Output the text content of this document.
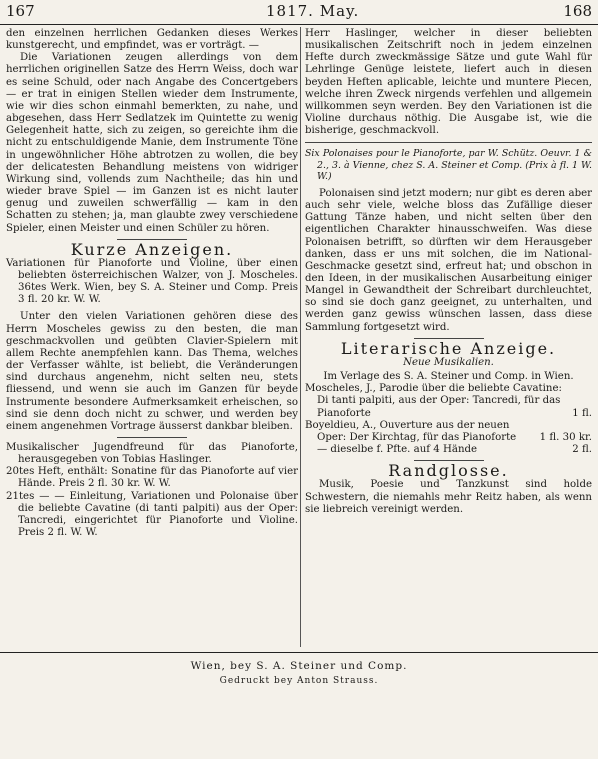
167	1817. May.	168

den einzelnen herrlichen Gedanken dieses Werkes kunstgerecht, und empfindet, was er vorträgt. —

Die Variationen zeugen allerdings von dem herrlichen originellen Satze des Herrn Weiss, doch war es seine Schuld, oder nach Angabe des Concertgebers — er trat in einigen Stellen wieder dem Instrumente, wie wir dies schon einmahl bemerkten, zu nahe, und abgesehen, dass Herr Sedlatzek im Quintette zu wenig Gelegenheit hatte, sich zu zeigen, so gereichte ihm die nicht zu entschuldigende Manie, dem Instrumente Töne in ungewöhnlicher Höhe abtrotzen zu wollen, die bey der delicatesten Behandlung meistens von widriger Wirkung sind, vollends zum Nachtheile; das hin und wieder brave Spiel — im Ganzen ist es nicht lauter genug und zuweilen schwerfällig — kam in den Schatten zu stehen; ja, man glaubte zwey verschiedene Spieler, einen Meister und einen Schüler zu hören.

Kurze Anzeigen.

Variationen für Pianoforte und Violine, über einen beliebten österreichischen Walzer, von J. Moscheles. 36tes Werk. Wien, bey S. A. Steiner und Comp. Preis 3 fl. 20 kr. W. W.

Unter den vielen Variationen gehören diese des Herrn Moscheles gewiss zu den besten, die man geschmackvollen und geübten Clavier-Spielern mit allem Rechte anempfehlen kann. Das Thema, welches der Verfasser wählte, ist beliebt, die Veränderungen sind durchaus angenehm, nicht selten neu, stets fliessend, und wenn sie auch im Ganzen für beyde Instrumente besondere Aufmerksamkeit erheischen, so sind sie denn doch nicht zu schwer, und werden bey einem angenehmen Vortrage äusserst dankbar bleiben.

Musikalischer Jugendfreund für das Pianoforte, herausgegeben von Tobias Haslinger.

20tes Heft, enthält: Sonatine für das Pianoforte auf vier Hände. Preis 2 fl. 30 kr. W. W.

21tes — — Einleitung, Variationen und Polonaise über die beliebte Cavatine (di tanti palpiti) aus der Oper: Tancredi, eingerichtet für Pianoforte und Violine. Preis 2 fl. W. W.

Herr Haslinger, welcher in dieser beliebten musikalischen Zeitschrift noch in jedem einzelnen Hefte durch zweckmässige Sätze und gute Wahl für Lehrlinge Genüge leistete, liefert auch in diesen beyden Heften aplicable, leichte und muntere Piecen, welche ihren Zweck nirgends verfehlen und allgemein willkommen seyn werden. Bey den Variationen ist die Violine durchaus nöthig. Die Ausgabe ist, wie die bisherige, geschmackvoll.

Six Polonaises pour le Pianoforte, par W. Schütz. Oeuvr. 1 & 2., 3. à Vienne, chez S. A. Steiner et Comp. (Prix à fl. 1 W. W.)

Polonaisen sind jetzt modern; nur gibt es deren aber auch sehr viele, welche bloss das Zufällige dieser Gattung Tänze haben, und nicht selten über den eigentlichen Charakter hinausschweifen. Was diese Polonaisen betrifft, so dürften wir dem Herausgeber danken, dass er uns mit solchen, die im National-Geschmacke gesetzt sind, erfreut hat; und obschon in den Ideen, in der musikalischen Ausarbeitung einiger Mangel in Gewandtheit der Schreibart durchleuchtet, so sind sie doch ganz geeignet, zu unterhalten, und werden ganz gewiss wünschen lassen, dass diese Sammlung fortgesetzt wird.

Literarische Anzeige.
Neue Musikalien.

Im Verlage des S. A. Steiner und Comp. in Wien.

Moscheles, J., Parodie über die beliebte Cavatine: Di tanti palpiti, aus der Oper: Tancredi, für das Pianoforte	1 fl.
Boyeldieu, A., Ouverture aus der neuen Oper: Der Kirchtag, für das Pianoforte	1 fl. 30 kr.
— dieselbe f. Pfte. auf 4 Hände	2 fl.
Randglosse.

Musik, Poesie und Tanzkunst sind holde Schwestern, die niemahls mehr Reitz haben, als wenn sie liebreich vereinigt werden.

Wien, bey S. A. Steiner und Comp.
Gedruckt bey Anton Strauss.
